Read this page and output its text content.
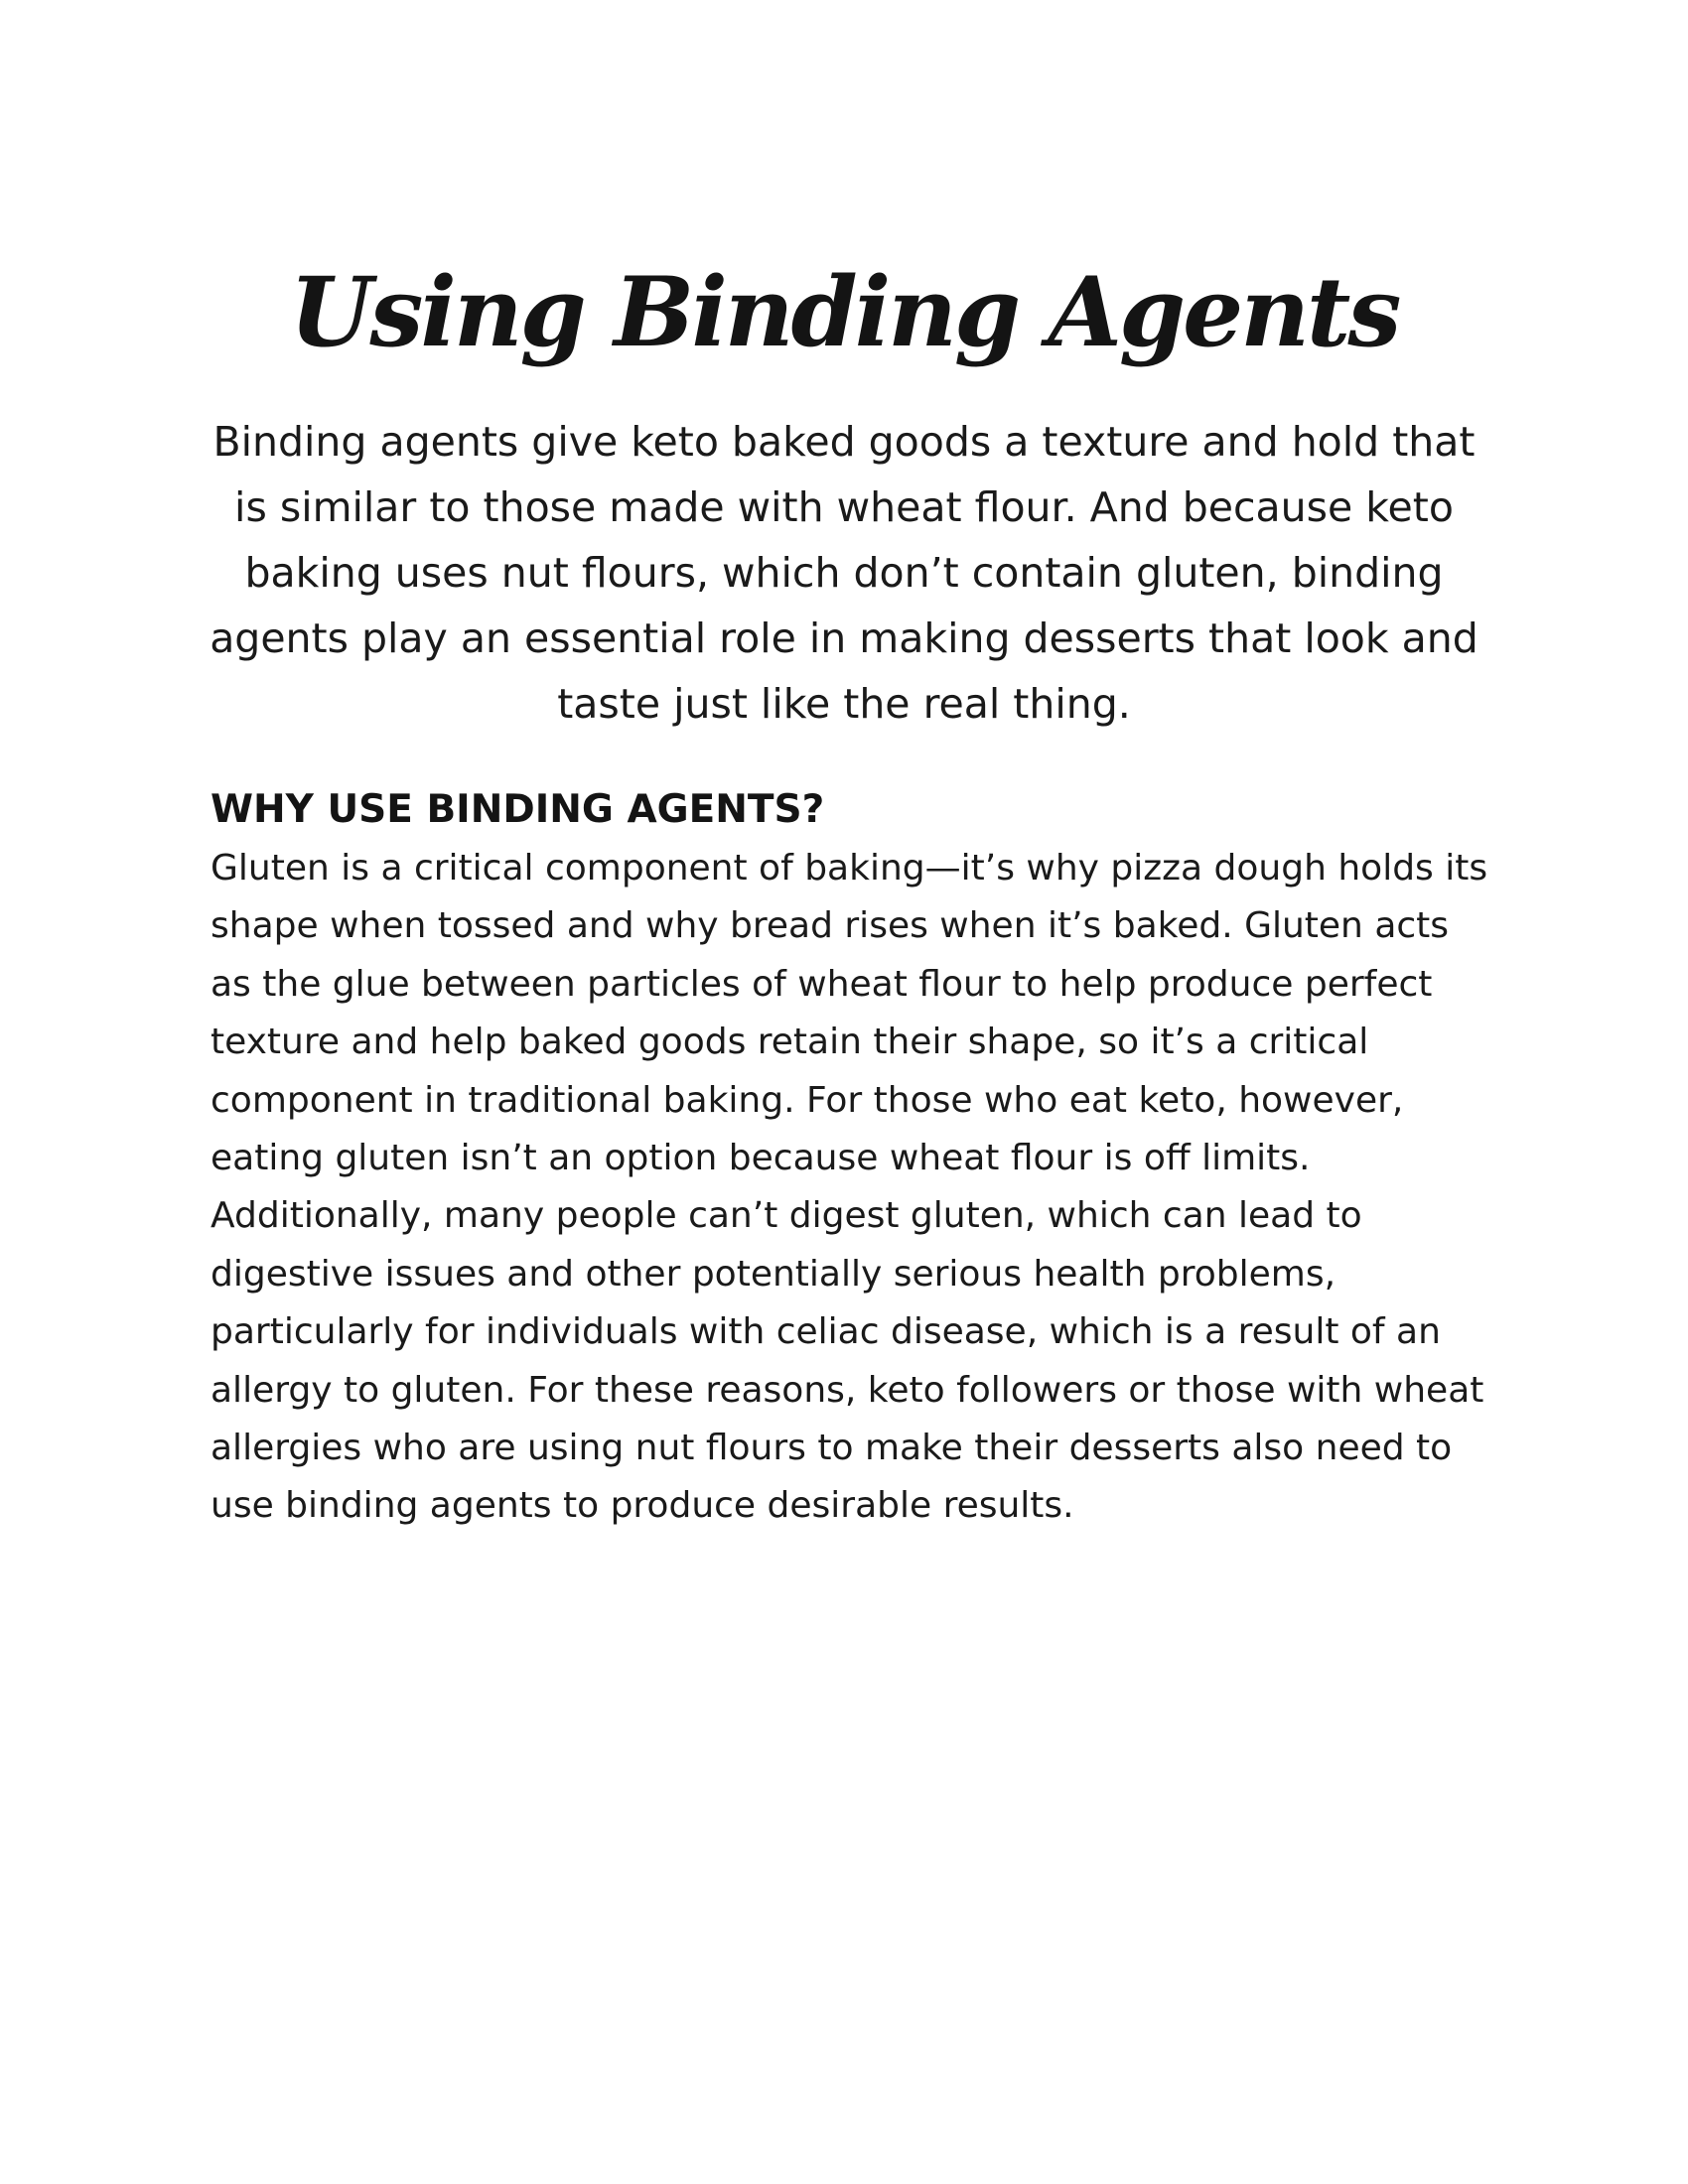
Using Binding Agents

Binding agents give keto baked goods a texture and hold that is similar to those made with wheat flour. And because keto baking uses nut flours, which don’t contain gluten, binding agents play an essential role in making desserts that look and taste just like the real thing.

WHY USE BINDING AGENTS?

Gluten is a critical component of baking—it’s why pizza dough holds its shape when tossed and why bread rises when it’s baked. Gluten acts as the glue between particles of wheat flour to help produce perfect texture and help baked goods retain their shape, so it’s a critical component in traditional baking. For those who eat keto, however, eating gluten isn’t an option because wheat flour is off limits. Additionally, many people can’t digest gluten, which can lead to digestive issues and other potentially serious health problems, particularly for individuals with celiac disease, which is a result of an allergy to gluten. For these reasons, keto followers or those with wheat allergies who are using nut flours to make their desserts also need to use binding agents to produce desirable results.
